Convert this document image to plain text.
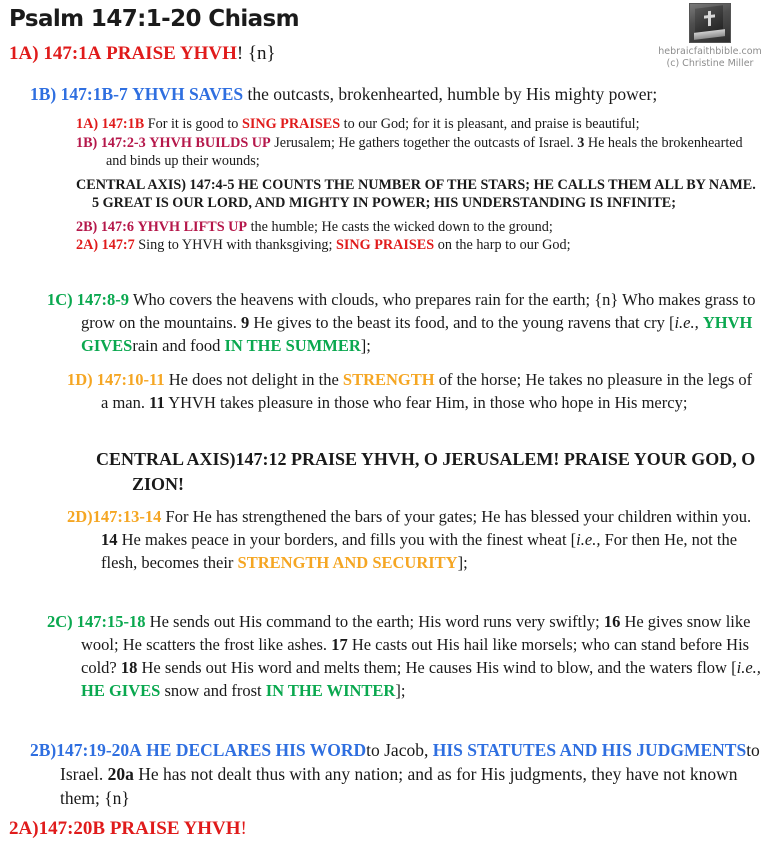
Psalm 147:1-20 Chiasm
hebraicfaithbible.com
(c) Christine Miller

1A) 147:1A PRAISE YHVH! {n}

1B) 147:1B-7 YHVH SAVES the outcasts, brokenhearted, humble by His mighty power;

1A) 147:1B For it is good to SING PRAISES to our God; for it is pleasant, and praise is beautiful;

1B) 147:2-3 YHVH BUILDS UP Jerusalem; He gathers together the outcasts of Israel. 3 He heals the brokenhearted and binds up their wounds;

CENTRAL AXIS) 147:4-5 HE COUNTS THE NUMBER OF THE STARS; HE CALLS THEM ALL BY NAME. 5 GREAT IS OUR LORD, AND MIGHTY IN POWER; HIS UNDERSTANDING IS INFINITE;

2B) 147:6 YHVH LIFTS UP the humble; He casts the wicked down to the ground;

2A) 147:7 Sing to YHVH with thanksgiving; SING PRAISES on the harp to our God;

1C) 147:8-9 Who covers the heavens with clouds, who prepares rain for the earth; {n} Who makes grass to grow on the mountains. 9 He gives to the beast its food, and to the young ravens that cry [i.e., YHVH GIVESrain and food IN THE SUMMER];

1D) 147:10-11 He does not delight in the STRENGTH of the horse; He takes no pleasure in the legs of a man. 11 YHVH takes pleasure in those who fear Him, in those who hope in His mercy;

CENTRAL AXIS)147:12 PRAISE YHVH, O JERUSALEM! PRAISE YOUR GOD, O ZION!

2D)147:13-14 For He has strengthened the bars of your gates; He has blessed your children within you. 14 He makes peace in your borders, and fills you with the finest wheat [i.e., For then He, not the flesh, becomes their STRENGTH AND SECURITY];

2C) 147:15-18 He sends out His command to the earth; His word runs very swiftly; 16 He gives snow like wool; He scatters the frost like ashes. 17 He casts out His hail like morsels; who can stand before His cold? 18 He sends out His word and melts them; He causes His wind to blow, and the waters flow [i.e., HE GIVES snow and frost IN THE WINTER];

2B)147:19-20A HE DECLARES HIS WORDto Jacob, HIS STATUTES AND HIS JUDGMENTSto Israel. 20a He has not dealt thus with any nation; and as for His judgments, they have not known them; {n}

2A)147:20B PRAISE YHVH!
